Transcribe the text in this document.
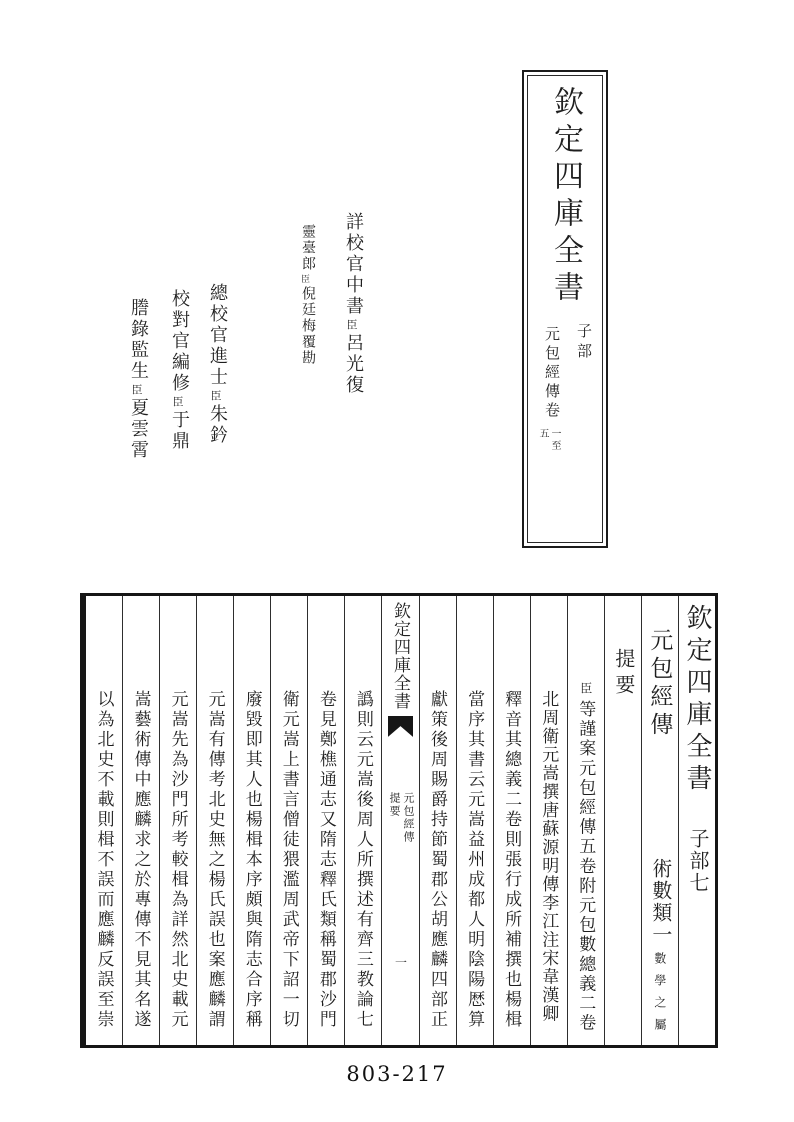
欽定四庫全書
子部
元包經傳卷
一至
五
詳校官中書
臣
呂光復
靈臺郎
臣
倪廷梅
覆勘
總校官進士
臣
朱鈐
校對官編修
臣
于鼎
謄錄監生
臣
夏雲霄
欽定四庫全書
子部七
元包經傳
術數類一
數學之屬
提要
臣
等謹案元包經傳五卷附元包數總義二卷
北周衛元嵩撰唐蘇源明傳李江注宋韋漢卿
釋音其總義二卷則張行成所補撰也楊楫
當序其書云元嵩益州成都人明陰陽厯算
獻策後周賜爵持節蜀郡公胡應麟四部正
欽定四庫全書
元包經傳
提要
一
譌則云元嵩後周人所撰述有齊三教論七
卷見鄭樵通志又隋志釋氏類稱蜀郡沙門
衛元嵩上書言僧徒猥濫周武帝下詔一切
廢毀即其人也楊楫本序頗與隋志合序稱
元嵩有傳考北史無之楊氏誤也案應麟謂
元嵩先為沙門所考較楫為詳然北史載元
嵩藝術傳中應麟求之於專傳不見其名遂
以為北史不載則楫不誤而應麟反誤至崇
803-217
